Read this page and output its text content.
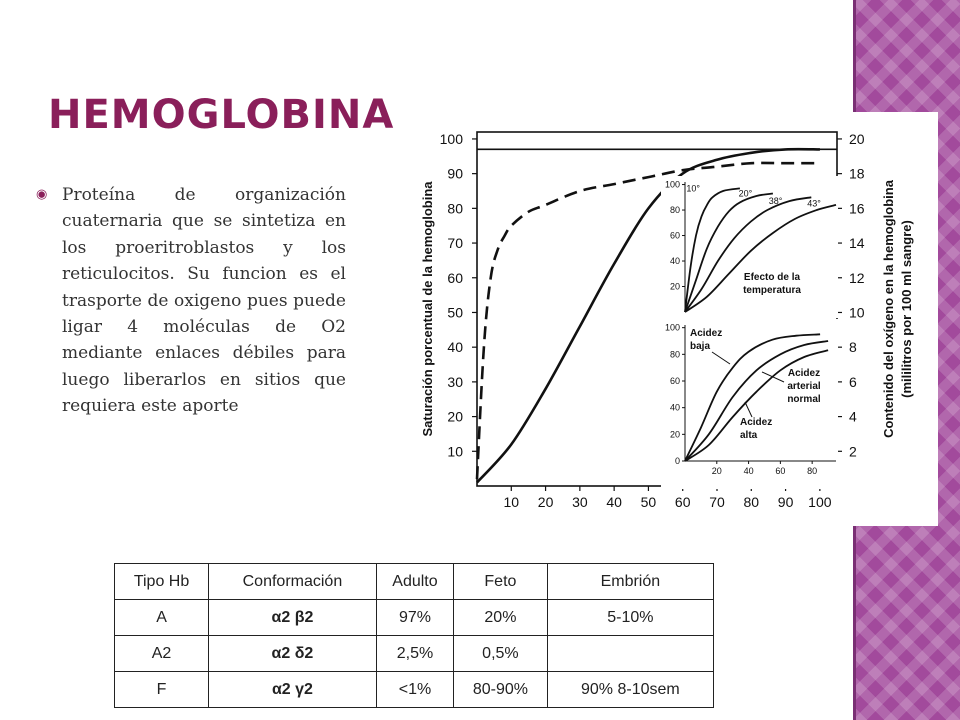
HEMOGLOBINA
◉ Proteína de organización cuaternaria que se sintetiza en los proeritroblastos y los reticulocitos. Su funcion es el trasporte de oxigeno pues puede ligar 4 moléculas de O2 mediante enlaces débiles para luego liberarlos en sitios que requiera este aporte

10
20
30
40
50
60
70
80
90
100
2
4
6
8
10
12
14
16
18
20
10 20 30 40 50 60 70 80 90 100
Saturación porcentual de la hemoglobina	Contenido del oxígeno en la hemoglobina (mililitros por 100 ml sangre)
20
40
60
80
100 10°
20°
38°	43°
Efecto de la
temperatura
0
20
40
60
80
100
20 40 60 80
Acidez
baja
Acidez
arterial
normal
Acidez
alta
Tipo Hb	Conformación	Adulto	Feto	Embrión
A	α2 β2	97%	20%	5-10%
A2	α2 δ2	2,5%	0,5%	
F	α2 γ2	<1%	80-90%	90% 8-10sem
